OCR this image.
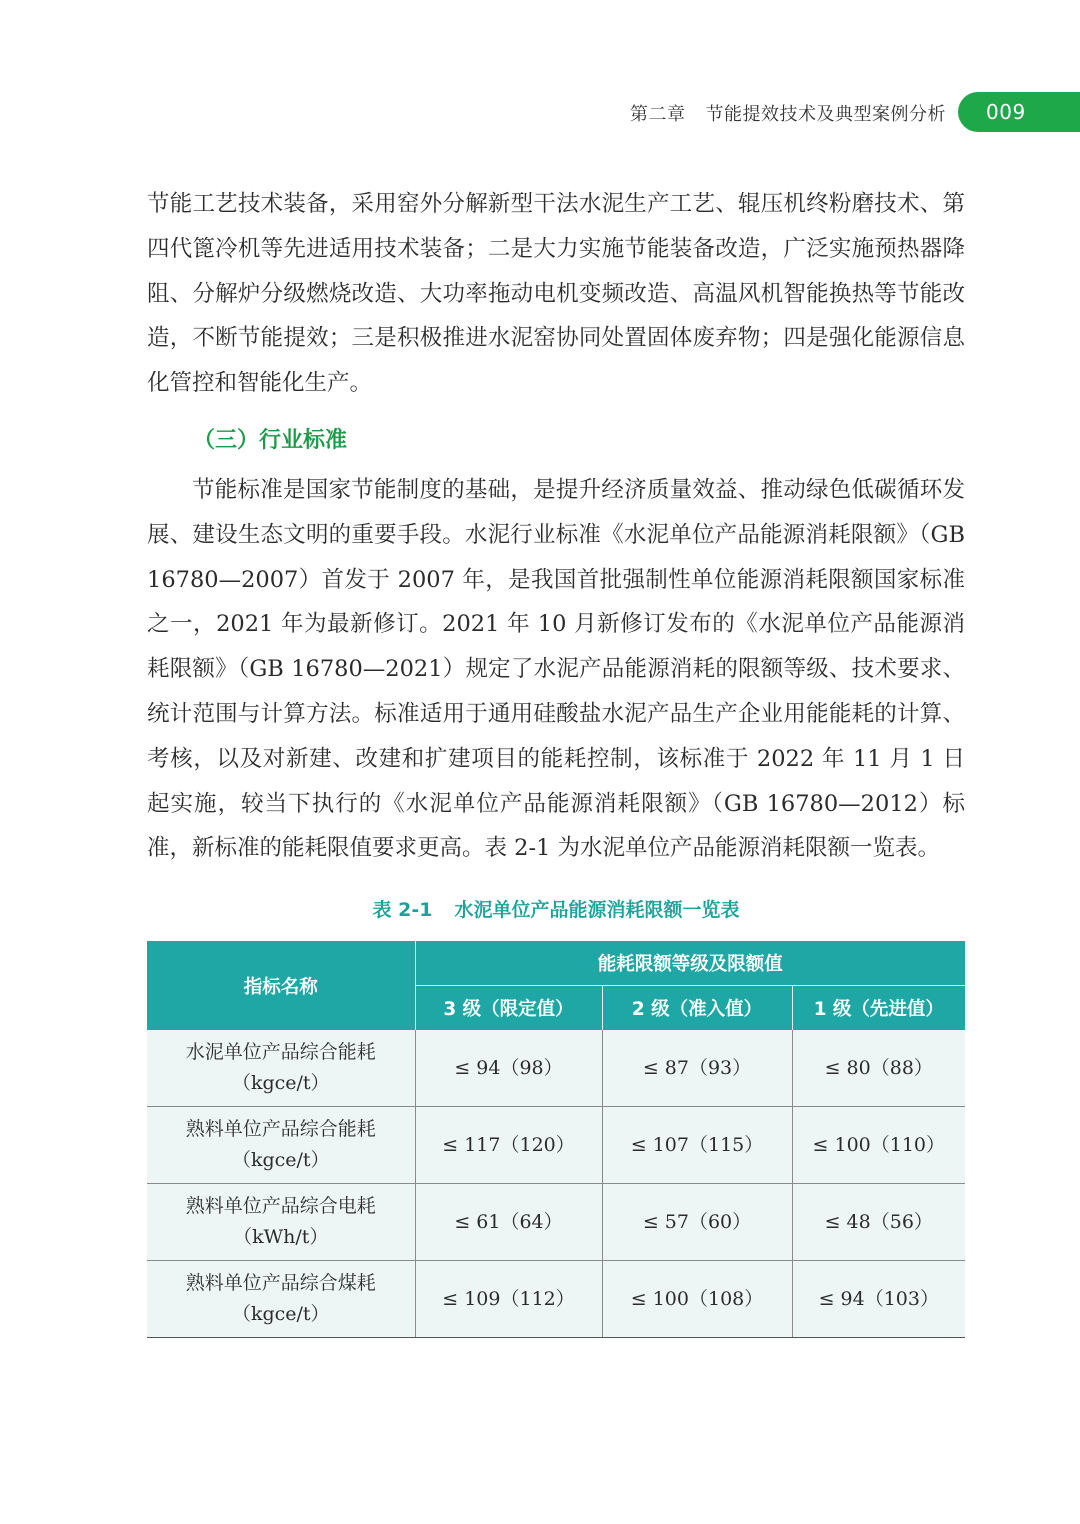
第二章 节能提效技术及典型案例分析 009

节能工艺技术装备，采用窑外分解新型干法水泥生产工艺、辊压机终粉磨技术、第四代篦冷机等先进适用技术装备；二是大力实施节能装备改造，广泛实施预热器降阻、分解炉分级燃烧改造、大功率拖动电机变频改造、高温风机智能换热等节能改造，不断节能提效；三是积极推进水泥窑协同处置固体废弃物；四是强化能源信息化管控和智能化生产。

（三）行业标准

节能标准是国家节能制度的基础，是提升经济质量效益、推动绿色低碳循环发展、建设生态文明的重要手段。水泥行业标准《水泥单位产品能源消耗限额》（GB 16780—2007）首发于 2007 年，是我国首批强制性单位能源消耗限额国家标准之一，2021 年为最新修订。2021 年 10 月新修订发布的《水泥单位产品能源消耗限额》（GB 16780—2021）规定了水泥产品能源消耗的限额等级、技术要求、统计范围与计算方法。标准适用于通用硅酸盐水泥产品生产企业用能能耗的计算、考核，以及对新建、改建和扩建项目的能耗控制，该标准于 2022 年 11 月 1 日起实施，较当下执行的《水泥单位产品能源消耗限额》（GB 16780—2012）标准，新标准的能耗限值要求更高。表 2-1 为水泥单位产品能源消耗限额一览表。

表 2-1 水泥单位产品能源消耗限额一览表
指标名称	能耗限额等级及限额值		
	3 级（限定值）	2 级（准入值）	1 级（先进值）

水泥单位产品综合能耗
（kgce/t）	≤ 94（98）	≤ 87（93）	≤ 80（88）

熟料单位产品综合能耗
（kgce/t）	≤ 117（120）	≤ 107（115）	≤ 100（110）

熟料单位产品综合电耗
（kWh/t）	≤ 61（64）	≤ 57（60）	≤ 48（56）

熟料单位产品综合煤耗
（kgce/t）	≤ 109（112）	≤ 100（108）	≤ 94（103）
